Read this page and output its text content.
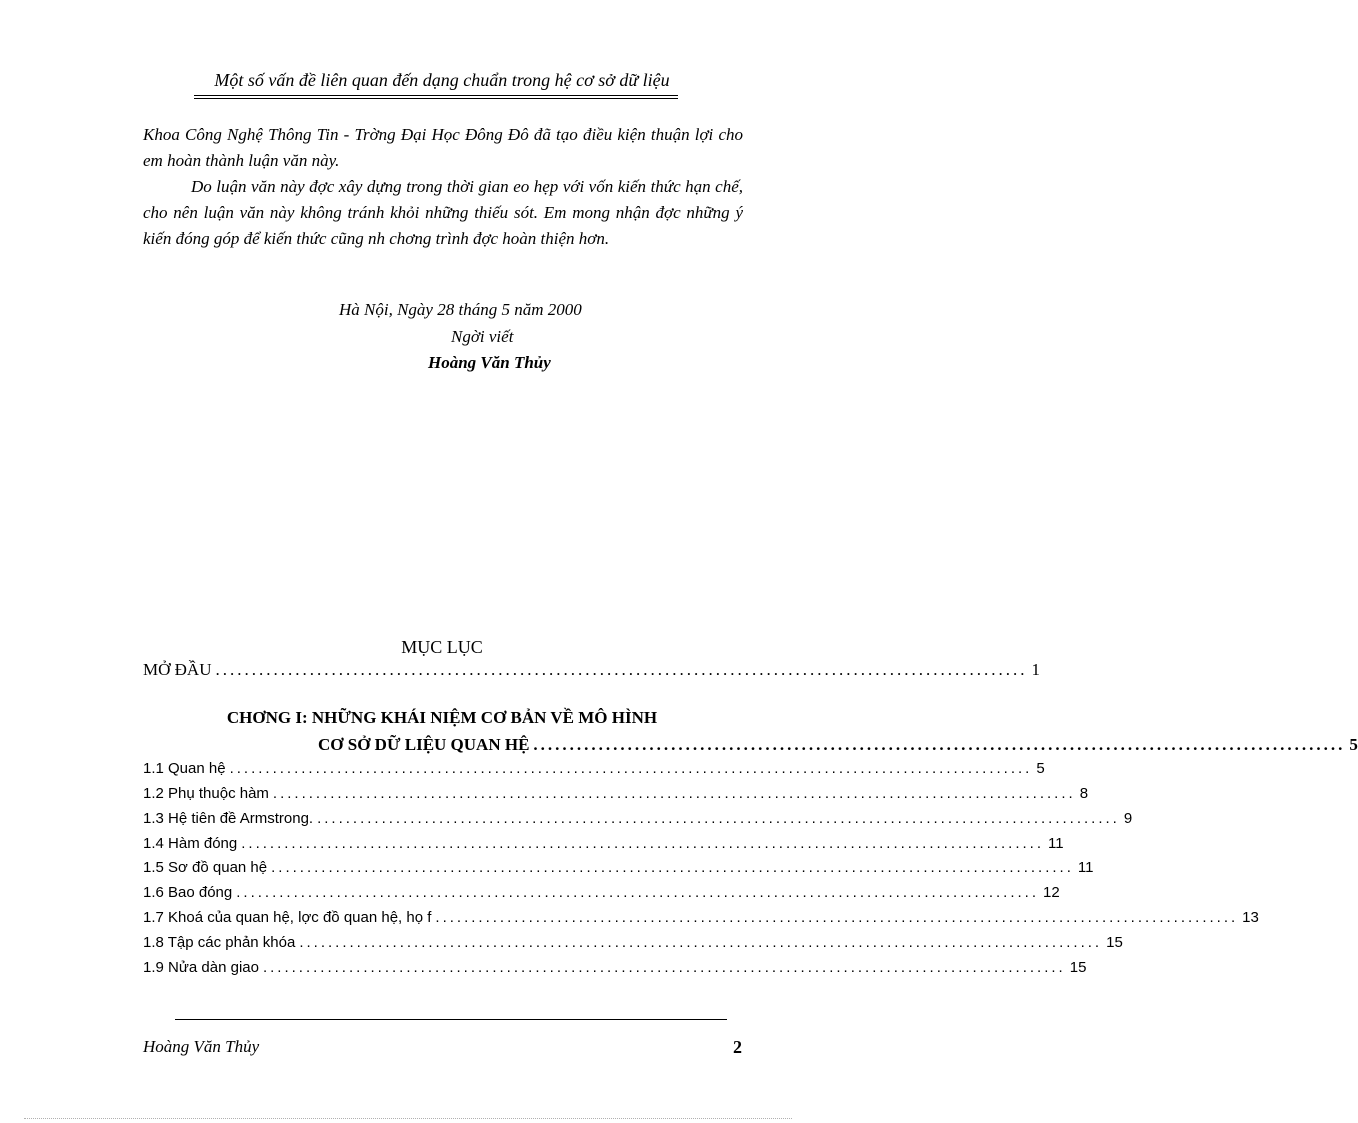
Một số vấn đề liên quan đến dạng chuẩn trong hệ cơ sở dữ liệu
Khoa Công Nghệ Thông Tin - Trờng Đại Học Đông Đô đã tạo điều kiện thuận lợi cho em hoàn thành luận văn này.
Do luận văn này đợc xây dựng trong thời gian eo hẹp với vốn kiến thức hạn chế, cho nên luận văn này không tránh khỏi những thiếu sót. Em mong nhận đợc những ý kiến đóng góp để kiến thức cũng nh chơng trình đợc hoàn thiện hơn.
Hà Nội, Ngày 28 tháng 5 năm 2000
Ngời viết
Hoàng Văn Thủy
MỤC LỤC
MỞ ĐẦU ................................................................................................................ 1
CHƠNG I: NHỮNG KHÁI NIỆM CƠ BẢN VỀ MÔ HÌNH
CƠ SỞ DỮ LIỆU QUAN HỆ ................................................................................................................ 5
1.1 Quan hệ ................................................................................................................ 5
1.2 Phụ thuộc hàm ................................................................................................................ 8
1.3 Hệ tiên đề Armstrong. ................................................................................................................ 9
1.4 Hàm đóng ................................................................................................................ 11
1.5 Sơ đồ quan hệ ................................................................................................................ 11
1.6 Bao đóng ................................................................................................................ 12
1.7 Khoá của quan hệ, lợc đồ quan hệ, họ f ................................................................................................................ 13
1.8 Tập các phản khóa ................................................................................................................ 15
1.9 Nửa dàn giao ................................................................................................................ 15
Hoàng Văn Thủy	2
